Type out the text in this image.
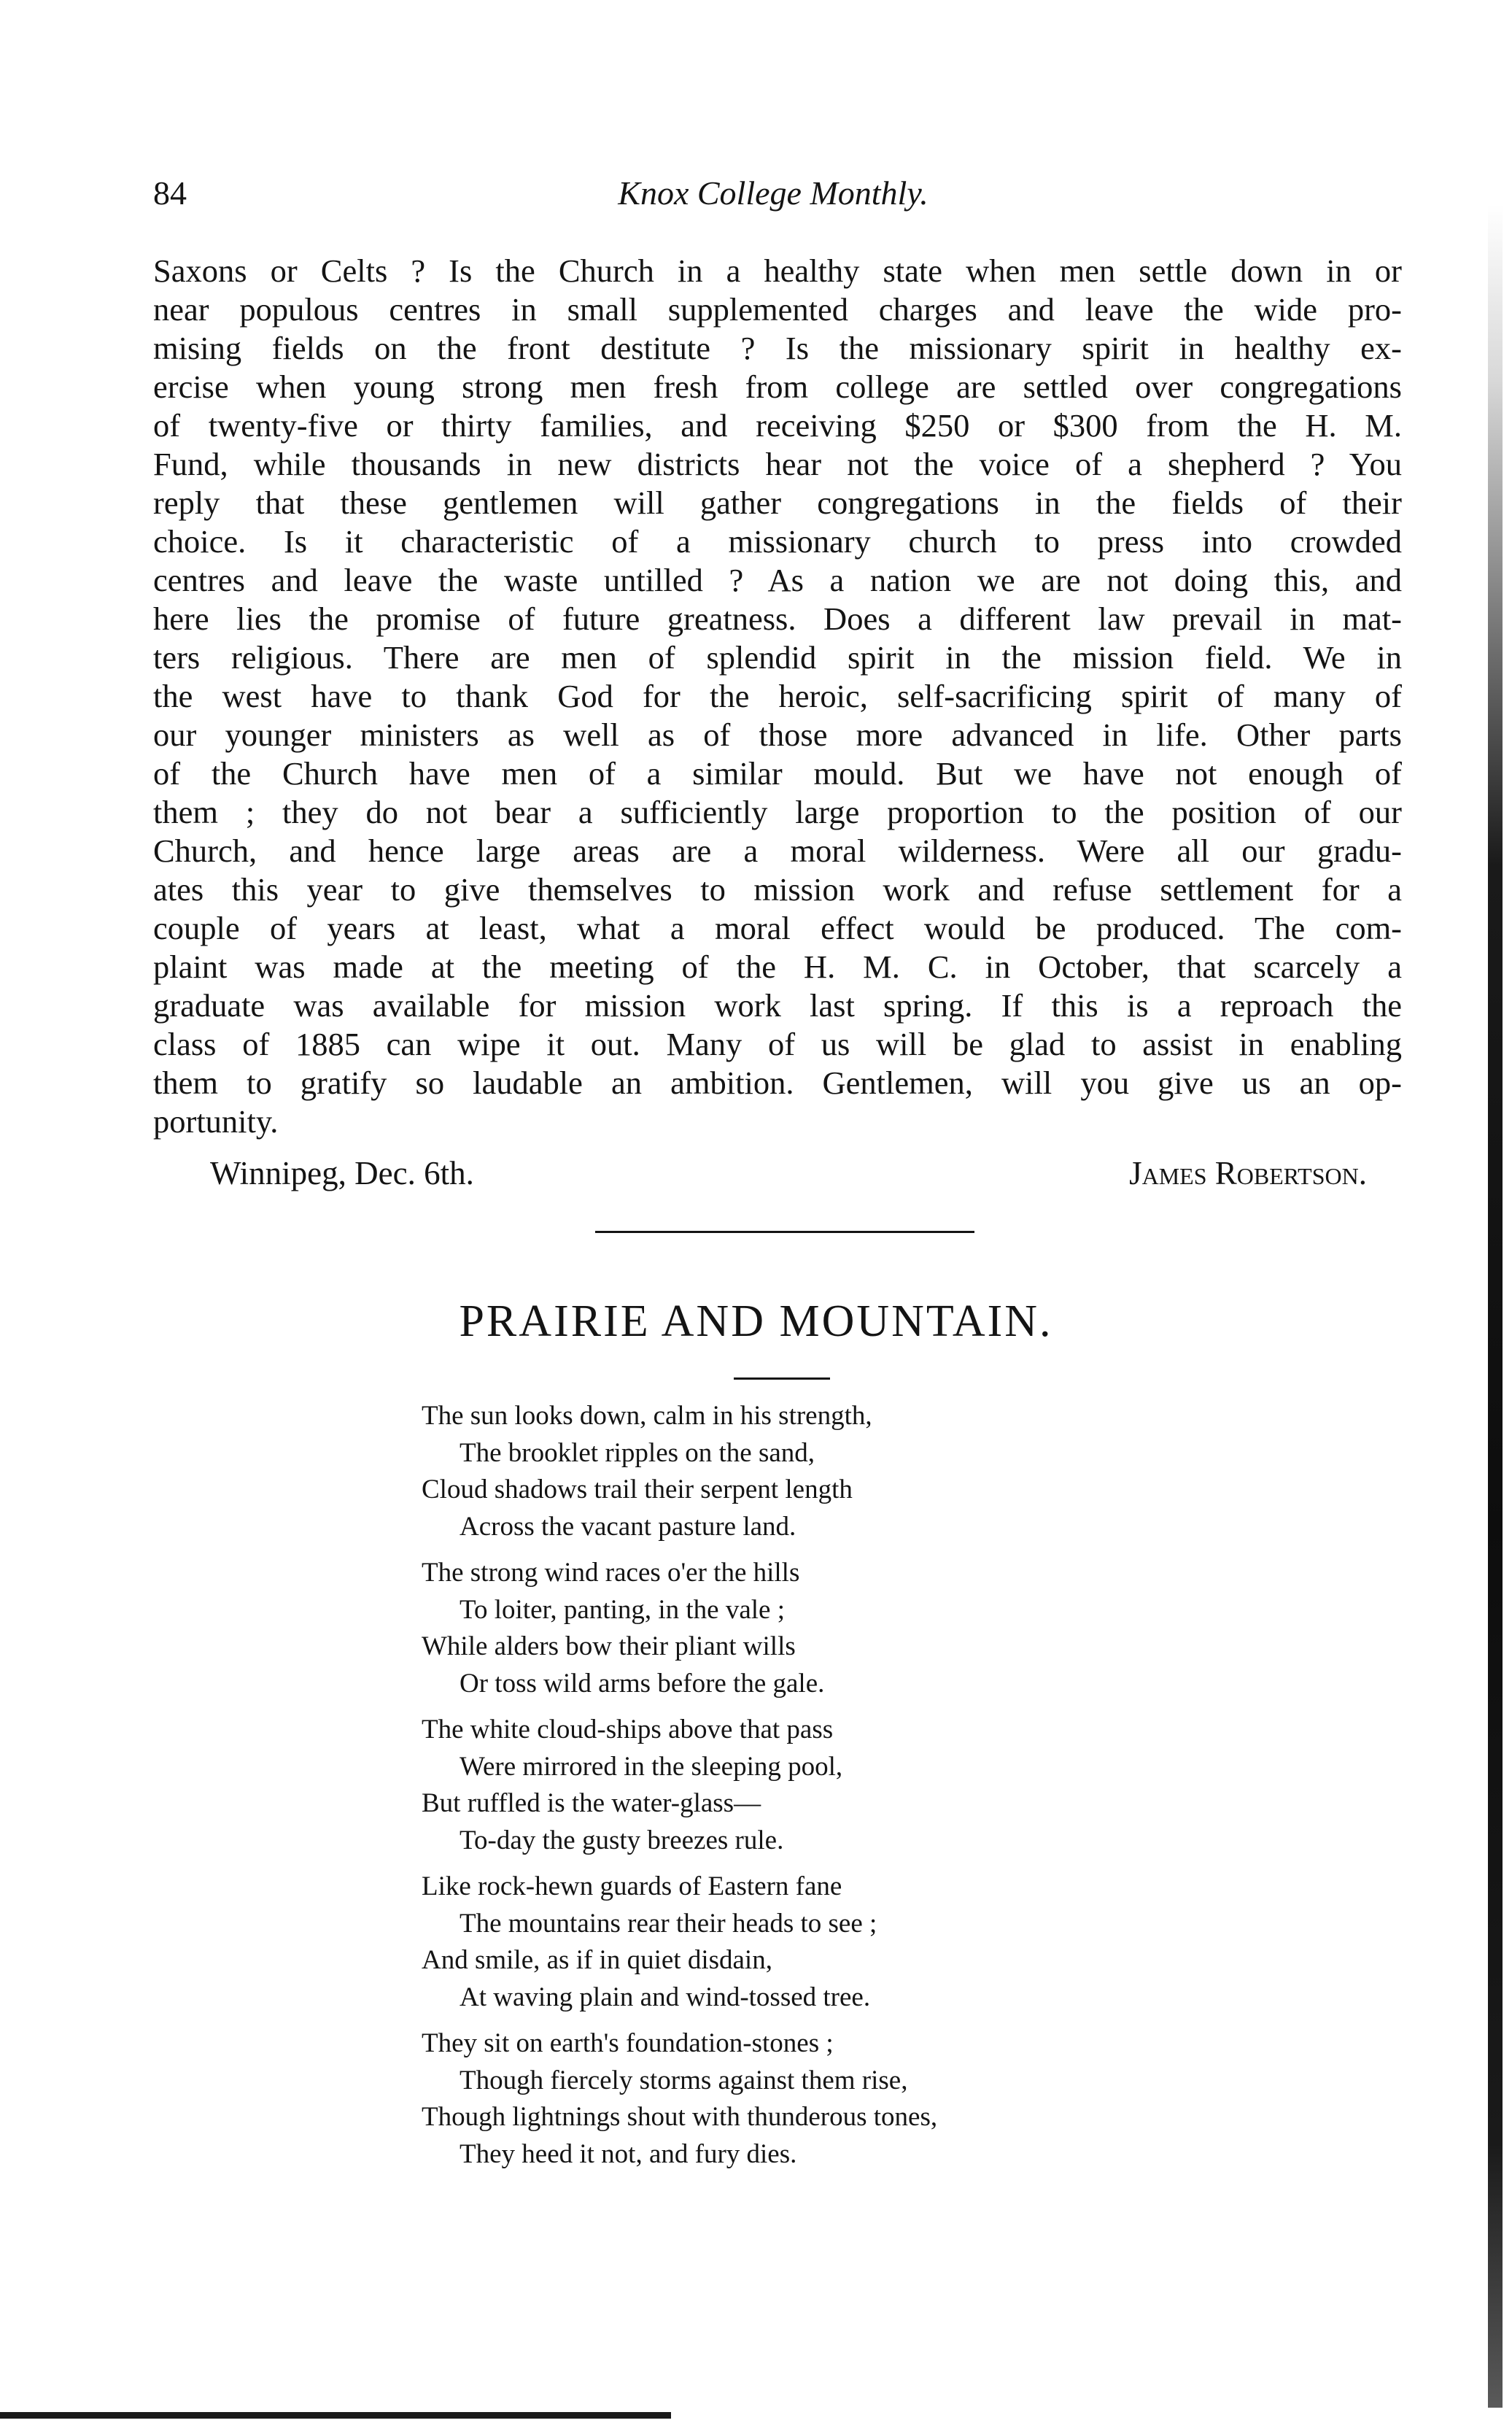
84	Knox College Monthly.
Saxons or Celts ? Is the Church in a healthy state when men settle down in or
near populous centres in small supplemented charges and leave the wide pro-
mising fields on the front destitute ? Is the missionary spirit in healthy ex-
ercise when young strong men fresh from college are settled over congregations
of twenty-five or thirty families, and receiving $250 or $300 from the H. M.
Fund, while thousands in new districts hear not the voice of a shepherd ? You
reply that these gentlemen will gather congregations in the fields of their
choice. Is it characteristic of a missionary church to press into crowded
centres and leave the waste untilled ? As a nation we are not doing this, and
here lies the promise of future greatness. Does a different law prevail in mat-
ters religious. There are men of splendid spirit in the mission field. We in
the west have to thank God for the heroic, self-sacrificing spirit of many of
our younger ministers as well as of those more advanced in life. Other parts
of the Church have men of a similar mould. But we have not enough of
them ; they do not bear a sufficiently large proportion to the position of our
Church, and hence large areas are a moral wilderness. Were all our gradu-
ates this year to give themselves to mission work and refuse settlement for a
couple of years at least, what a moral effect would be produced. The com-
plaint was made at the meeting of the H. M. C. in October, that scarcely a
graduate was available for mission work last spring. If this is a reproach the
class of 1885 can wipe it out. Many of us will be glad to assist in enabling
them to gratify so laudable an ambition. Gentlemen, will you give us an op-
portunity.
Winnipeg, Dec. 6th.	James Robertson.
PRAIRIE AND MOUNTAIN.
The sun looks down, calm in his strength,
The brooklet ripples on the sand,
Cloud shadows trail their serpent length
Across the vacant pasture land.
The strong wind races o'er the hills
To loiter, panting, in the vale ;
While alders bow their pliant wills
Or toss wild arms before the gale.
The white cloud-ships above that pass
Were mirrored in the sleeping pool,
But ruffled is the water-glass—
To-day the gusty breezes rule.
Like rock-hewn guards of Eastern fane
The mountains rear their heads to see ;
And smile, as if in quiet disdain,
At waving plain and wind-tossed tree.
They sit on earth's foundation-stones ;
Though fiercely storms against them rise,
Though lightnings shout with thunderous tones,
They heed it not, and fury dies.
